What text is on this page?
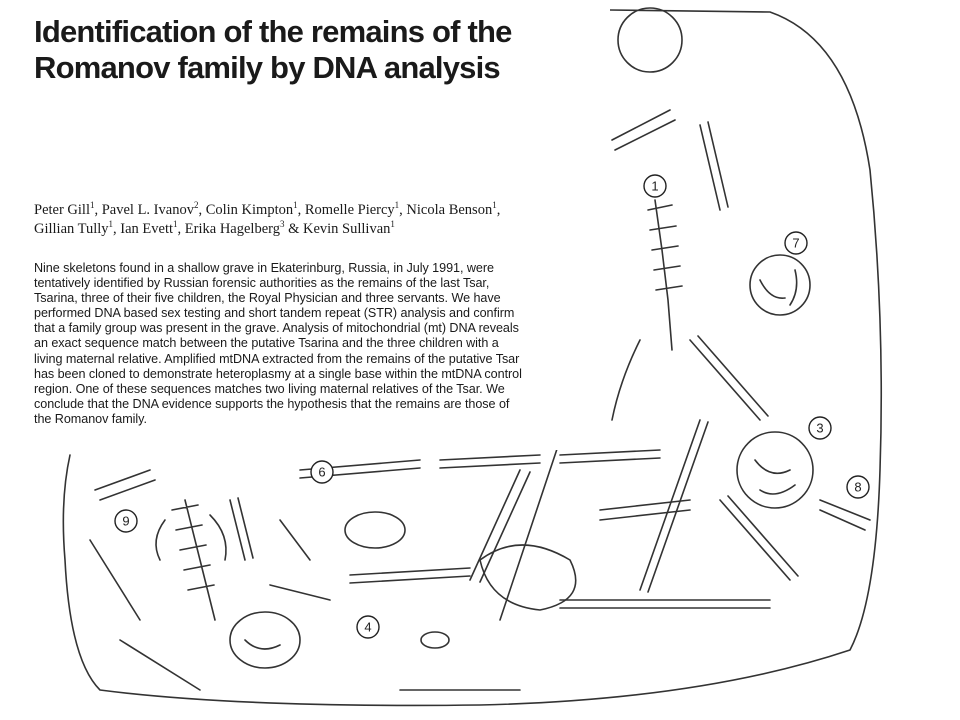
1
7
3
8
6
9
4
Identification of the remains of the Romanov family by DNA analysis
Peter Gill$^1$, Pavel L. Ivanov$^2$, Colin Kimpton$^1$, Romelle Piercy$^1$, Nicola Benson$^1$,
Gillian Tully$^1$, Ian Evett$^1$, Erika Hagelberg$^3$ & Kevin Sullivan$^1$
Nine skeletons found in a shallow grave in Ekaterinburg, Russia, in July 1991, were
tentatively identified by Russian forensic authorities as the remains of the last Tsar,
Tsarina, three of their five children, the Royal Physician and three servants. We have
performed DNA based sex testing and short tandem repeat (STR) analysis and confirm
that a family group was present in the grave. Analysis of mitochondrial (mt) DNA reveals
an exact sequence match between the putative Tsarina and the three children with a
living maternal relative. Amplified mtDNA extracted from the remains of the putative Tsar
has been cloned to demonstrate heteroplasmy at a single base within the mtDNA control
region. One of these sequences matches two living maternal relatives of the Tsar. We
conclude that the DNA evidence supports the hypothesis that the remains are those of
the Romanov family.
